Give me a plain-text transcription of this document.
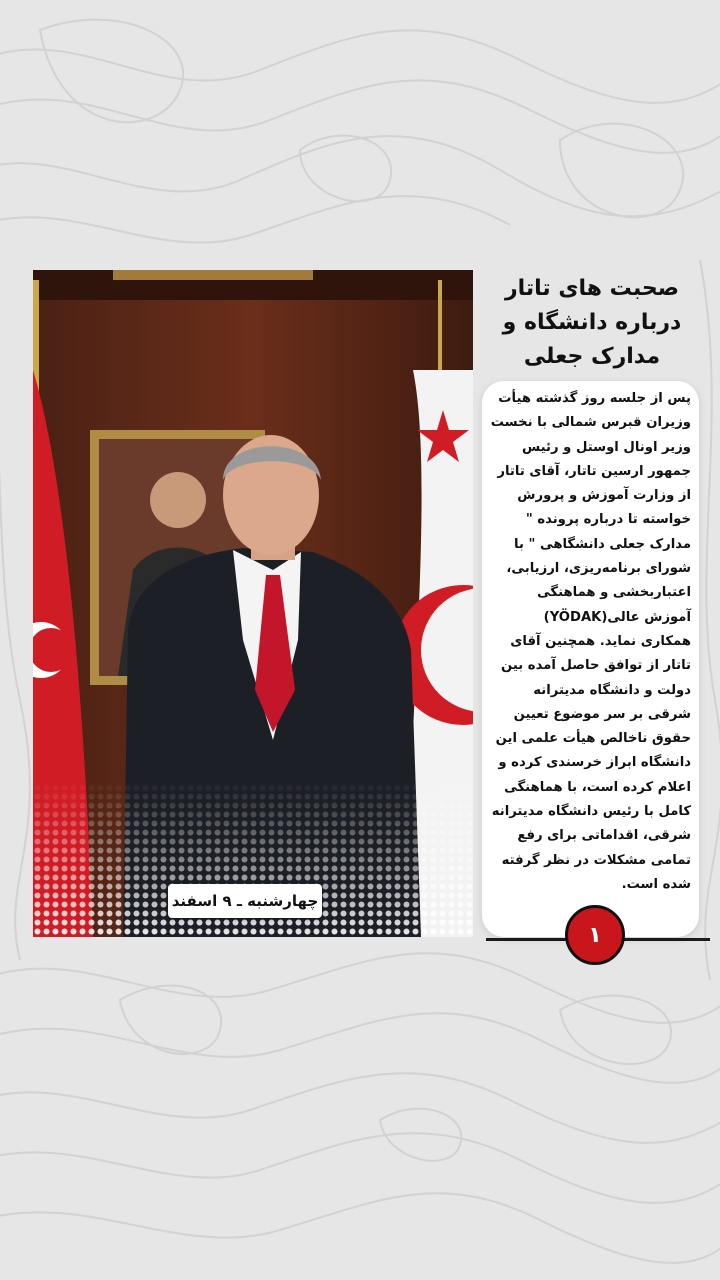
چهارشنبه ـ ۹ اسفند
صحبت های تاتار درباره دانشگاه و مدارک جعلی
پس از جلسه روز گذشته هیأت وزیران قبرس شمالی با نخست وزیر اونال اوستل و رئیس جمهور ارسین تاتار، آقای تاتار از وزارت آموزش و پرورش خواسته تا درباره پرونده " مدارک جعلی دانشگاهی " با شورای برنامه‌ریزی، ارزیابی، اعتباربخشی و هماهنگی آموزش عالی(YÖDAK) همکاری نماید. همچنین آقای تاتار از توافق حاصل آمده بین دولت و دانشگاه مدیترانه شرقی بر سر موضوع تعیین حقوق ناخالص هیأت علمی این دانشگاه ابراز خرسندی کرده و اعلام کرده است، با هماهنگی کامل با رئیس دانشگاه مدیترانه شرقی، اقداماتی برای رفع تمامی مشکلات در نظر گرفته شده است.
۱
